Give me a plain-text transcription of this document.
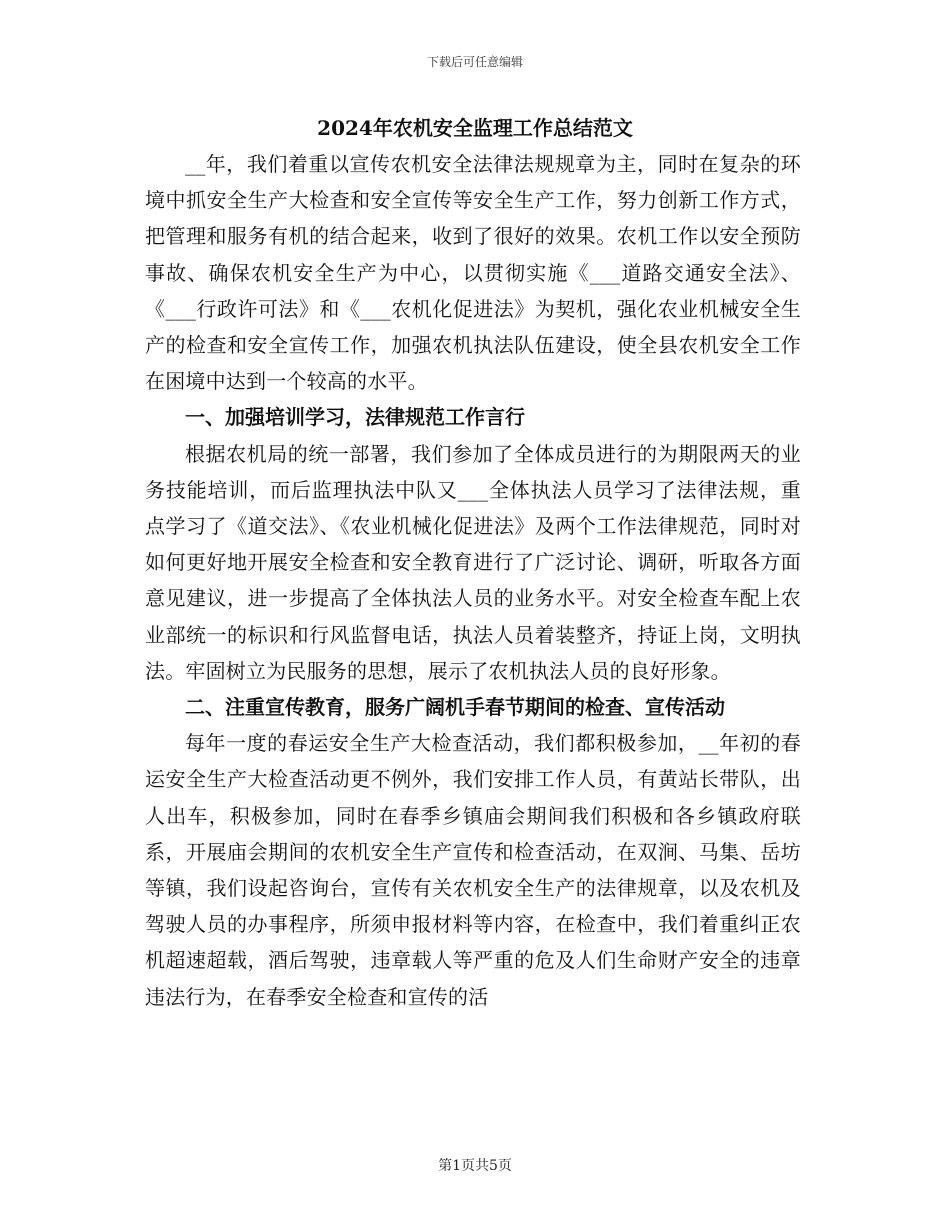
下载后可任意编辑
2024年农机安全监理工作总结范文

__年，我们着重以宣传农机安全法律法规规章为主，同时在复杂的环境中抓安全生产大检查和安全宣传等安全生产工作，努力创新工作方式，把管理和服务有机的结合起来，收到了很好的效果。农机工作以安全预防事故、确保农机安全生产为中心，以贯彻实施《___道路交通安全法》、《___行政许可法》和《___农机化促进法》为契机，强化农业机械安全生产的检查和安全宣传工作，加强农机执法队伍建设，使全县农机安全工作在困境中达到一个较高的水平。

一、加强培训学习，法律规范工作言行

根据农机局的统一部署，我们参加了全体成员进行的为期限两天的业务技能培训，而后监理执法中队又___全体执法人员学习了法律法规，重点学习了《道交法》、《农业机械化促进法》及两个工作法律规范，同时对如何更好地开展安全检查和安全教育进行了广泛讨论、调研，听取各方面意见建议，进一步提高了全体执法人员的业务水平。对安全检查车配上农业部统一的标识和行风监督电话，执法人员着装整齐，持证上岗，文明执法。牢固树立为民服务的思想，展示了农机执法人员的良好形象。

二、注重宣传教育，服务广阔机手春节期间的检查、宣传活动

每年一度的春运安全生产大检查活动，我们都积极参加，__年初的春运安全生产大检查活动更不例外，我们安排工作人员，有黄站长带队，出人出车，积极参加，同时在春季乡镇庙会期间我们积极和各乡镇政府联系，开展庙会期间的农机安全生产宣传和检查活动，在双涧、马集、岳坊等镇，我们设起咨询台，宣传有关农机安全生产的法律规章，以及农机及驾驶人员的办事程序，所须申报材料等内容，在检查中，我们着重纠正农机超速超载，酒后驾驶，违章载人等严重的危及人们生命财产安全的违章违法行为，在春季安全检查和宣传的活

第1页共5页
